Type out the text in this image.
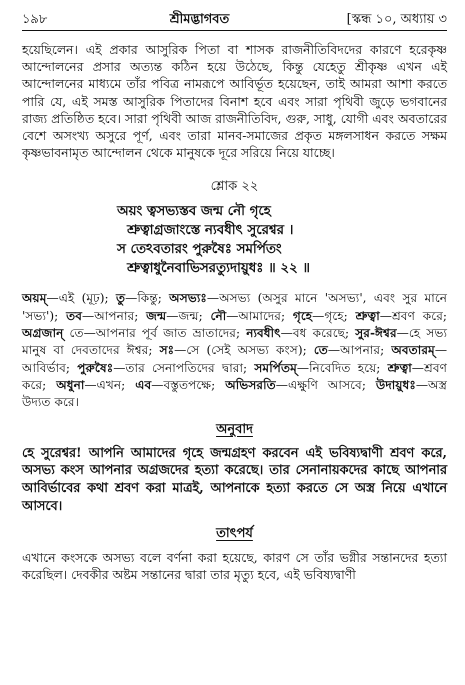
১৯৮	শ্রীমদ্ভাগবত	[স্কন্ধ ১০, অধ্যায় ৩

হয়েছিলেন। এই প্রকার আসুরিক পিতা বা শাসক রাজনীতিবিদদের কারণে হরেকৃষ্ণ আন্দোলনের প্রসার অত্যন্ত কঠিন হয়ে উঠেছে, কিন্তু যেহেতু শ্রীকৃষ্ণ এখন এই আন্দোলনের মাধ্যমে তাঁর পবিত্র নামরূপে আবির্ভূত হয়েছেন, তাই আমরা আশা করতে পারি যে, এই সমস্ত আসুরিক পিতাদের বিনাশ হবে এবং সারা পৃথিবী জুড়ে ভগবানের রাজ্য প্রতিষ্ঠিত হবে। সারা পৃথিবী আজ রাজনীতিবিদ, গুরু, সাধু, যোগী এবং অবতারের বেশে অসংখ্য অসুরে পূর্ণ, এবং তারা মানব-সমাজের প্রকৃত মঙ্গলসাধন করতে সক্ষম কৃষ্ণভাবনামৃত আন্দোলন থেকে মানুষকে দূরে সরিয়ে নিয়ে যাচ্ছে।

শ্লোক ২২
অয়ং ত্বসভ্যস্তব জন্ম নৌ গৃহে
শ্রুত্বাগ্রজাংস্তে ন্যবধীৎ সুরেশ্বর ।
স তেঽবতারং পুরুষৈঃ সমর্পিতং
শ্রুত্বাধুনৈবাভিসরত্যুদায়ুধঃ ॥ ২২ ॥

অয়ম্—এই (মূঢ়); তু—কিন্তু; অসভ্যঃ—অসভ্য (অসুর মানে 'অসভ্য', এবং সুর মানে 'সভ্য'); তব—আপনার; জন্ম—জন্ম; নৌ—আমাদের; গৃহে—গৃহে; শ্রুত্বা—শ্রবণ করে; অগ্রজান্ তে—আপনার পূর্ব জাত ভ্রাতাদের; ন্যবধীৎ—বধ করেছে; সুর-ঈশ্বর—হে সভ্য মানুষ বা দেবতাদের ঈশ্বর; সঃ—সে (সেই অসভ্য কংস); তে—আপনার; অবতারম্—আবির্ভাব; পুরুষৈঃ—তার সেনাপতিদের দ্বারা; সমর্পিতম্—নিবেদিত হয়ে; শ্রুত্বা—শ্রবণ করে; অধুনা—এখন; এব—বস্তুতপক্ষে; অভিসরতি—এক্ষুণি আসবে; উদায়ুধঃ—অস্ত্র উদ্যত করে।

অনুবাদ

হে সুরেশ্বর! আপনি আমাদের গৃহে জন্মগ্রহণ করবেন এই ভবিষ্যদ্বাণী শ্রবণ করে, অসভ্য কংস আপনার অগ্রজদের হত্যা করেছে। তার সেনানায়কদের কাছে আপনার আবির্ভাবের কথা শ্রবণ করা মাত্রই, আপনাকে হত্যা করতে সে অস্ত্র নিয়ে এখানে আসবে।

তাৎপর্য

এখানে কংসকে অসভ্য বলে বর্ণনা করা হয়েছে, কারণ সে তাঁর ভগ্নীর সন্তানদের হত্যা করেছিল। দেবকীর অষ্টম সন্তানের দ্বারা তার মৃত্যু হবে, এই ভবিষ্যদ্বাণী
